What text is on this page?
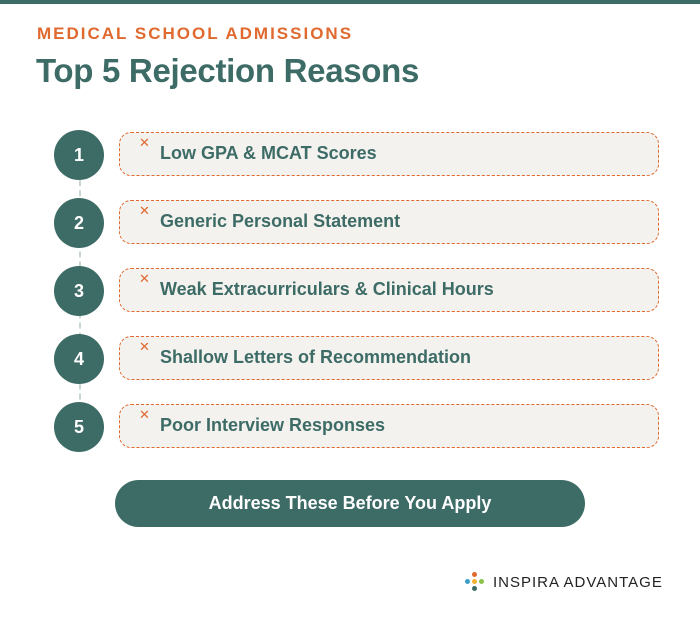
MEDICAL SCHOOL ADMISSIONS
Top 5 Rejection Reasons
1
✕
Low GPA & MCAT Scores
2
✕
Generic Personal Statement
3
✕
Weak Extracurriculars & Clinical Hours
4
✕
Shallow Letters of Recommendation
5
✕
Poor Interview Responses
Address These Before You Apply
INSPIRA ADVANTAGE
